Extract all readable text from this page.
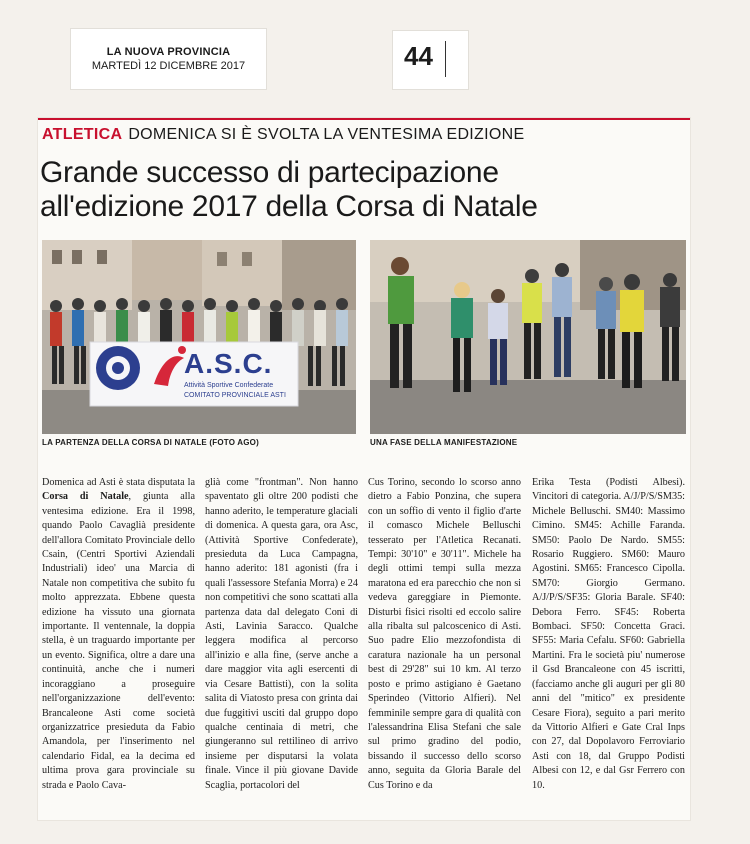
LA NUOVA PROVINCIA
MARTEDÌ 12 DICEMBRE 2017	44
ATLETICA DOMENICA SI È SVOLTA LA VENTESIMA EDIZIONE
Grande successo di partecipazione
all'edizione 2017 della Corsa di Natale
A.S.C.
Attività Sportive Confederate
COMITATO PROVINCIALE ASTI
LA PARTENZA DELLA CORSA DI NATALE (FOTO AGO)	UNA FASE DELLA MANIFESTAZIONE
Domenica ad Asti è stata disputata la Corsa di Natale, giunta alla ventesima edizione. Era il 1998, quando Paolo Cavaglià presidente dell'allora Comitato Provinciale dello Csain, (Centri Sportivi Aziendali Industriali) ideo' una Marcia di Natale non competitiva che subito fu molto apprezzata. Ebbene questa edizione ha vissuto una giornata importante. Il ventennale, la doppia stella, è un traguardo importante per un evento. Significa, oltre a dare una continuità, anche che i numeri incoraggiano a proseguire nell'organizzazione dell'evento: Brancaleone Asti come società organizzatrice presieduta da Fabio Amandola, per l'inserimento nel calendario Fidal, ea la decima ed ultima prova gara provinciale su strada e Paolo Cava-
glià come "frontman". Non hanno spaventato gli oltre 200 podisti che hanno aderito, le temperature glaciali di domenica. A questa gara, ora Asc, (Attività Sportive Confederate), presieduta da Luca Campagna, hanno aderito: 181 agonisti (fra i quali l'assessore Stefania Morra) e 24 non competitivi che sono scattati alla partenza data dal delegato Coni di Asti, Lavinia Saracco. Qualche leggera modifica al percorso all'inizio e alla fine, (serve anche a dare maggior vita agli esercenti di via Cesare Battisti), con la solita salita di Viatosto presa con grinta dai due fuggitivi usciti dal gruppo dopo qualche centinaia di metri, che giungeranno sul rettilineo di arrivo insieme per disputarsi la volata finale. Vince il più giovane Davide Scaglia, portacolori del
Cus Torino, secondo lo scorso anno dietro a Fabio Ponzina, che supera con un soffio di vento il figlio d'arte il comasco Michele Belluschi tesserato per l'Atletica Recanati. Tempi: 30'10" e 30'11". Michele ha degli ottimi tempi sulla mezza maratona ed era parecchio che non si vedeva gareggiare in Piemonte. Disturbi fisici risolti ed eccolo salire alla ribalta sul palcoscenico di Asti. Suo padre Elio mezzofondista di caratura nazionale ha un personal best di 29'28" sui 10 km. Al terzo posto e primo astigiano è Gaetano Sperindeo (Vittorio Alfieri). Nel femminile sempre gara di qualità con l'alessandrina Elisa Stefani che sale sul primo gradino del podio, bissando il successo dello scorso anno, seguita da Gloria Barale del Cus Torino e da
Erika Testa (Podisti Albesi). Vincitori di categoria. A/J/P/S/SM35: Michele Belluschi. SM40: Massimo Cimino. SM45: Achille Faranda. SM50: Paolo De Nardo. SM55: Rosario Ruggiero. SM60: Mauro Agostini. SM65: Francesco Cipolla. SM70: Giorgio Germano. A/J/P/S/SF35: Gloria Barale. SF40: Debora Ferro. SF45: Roberta Bombaci. SF50: Concetta Graci. SF55: Maria Cefalu. SF60: Gabriella Martini. Fra le società piu' numerose il Gsd Brancaleone con 45 iscritti, (facciamo anche gli auguri per gli 80 anni del "mitico" ex presidente Cesare Fiora), seguito a pari merito da Vittorio Alfieri e Gate Cral Inps con 27, dal Dopolavoro Ferroviario Asti con 18, dal Gruppo Podisti Albesi con 12, e dal Gsr Ferrero con 10.
